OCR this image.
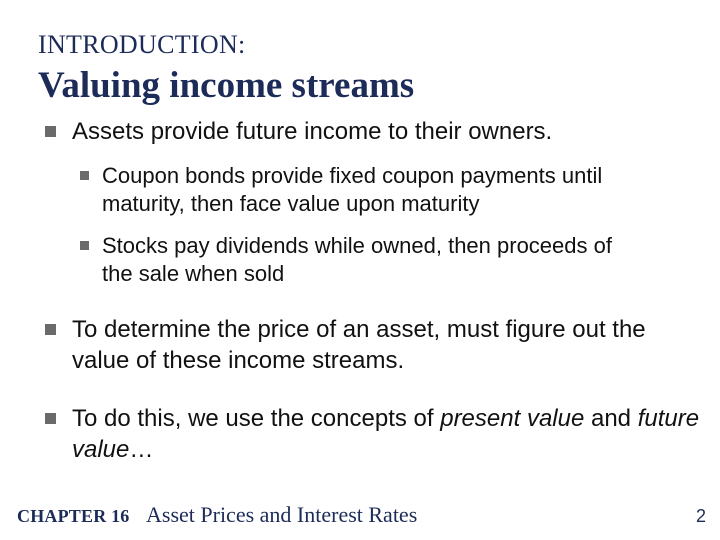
INTRODUCTION:
Valuing income streams
Assets provide future income to their owners.
Coupon bonds provide fixed coupon payments until maturity, then face value upon maturity
Stocks pay dividends while owned, then proceeds of the sale when sold
To determine the price of an asset, must figure out the value of these income streams.
To do this, we use the concepts of present value and future value…
CHAPTER 16 Asset Prices and Interest Rates	2
